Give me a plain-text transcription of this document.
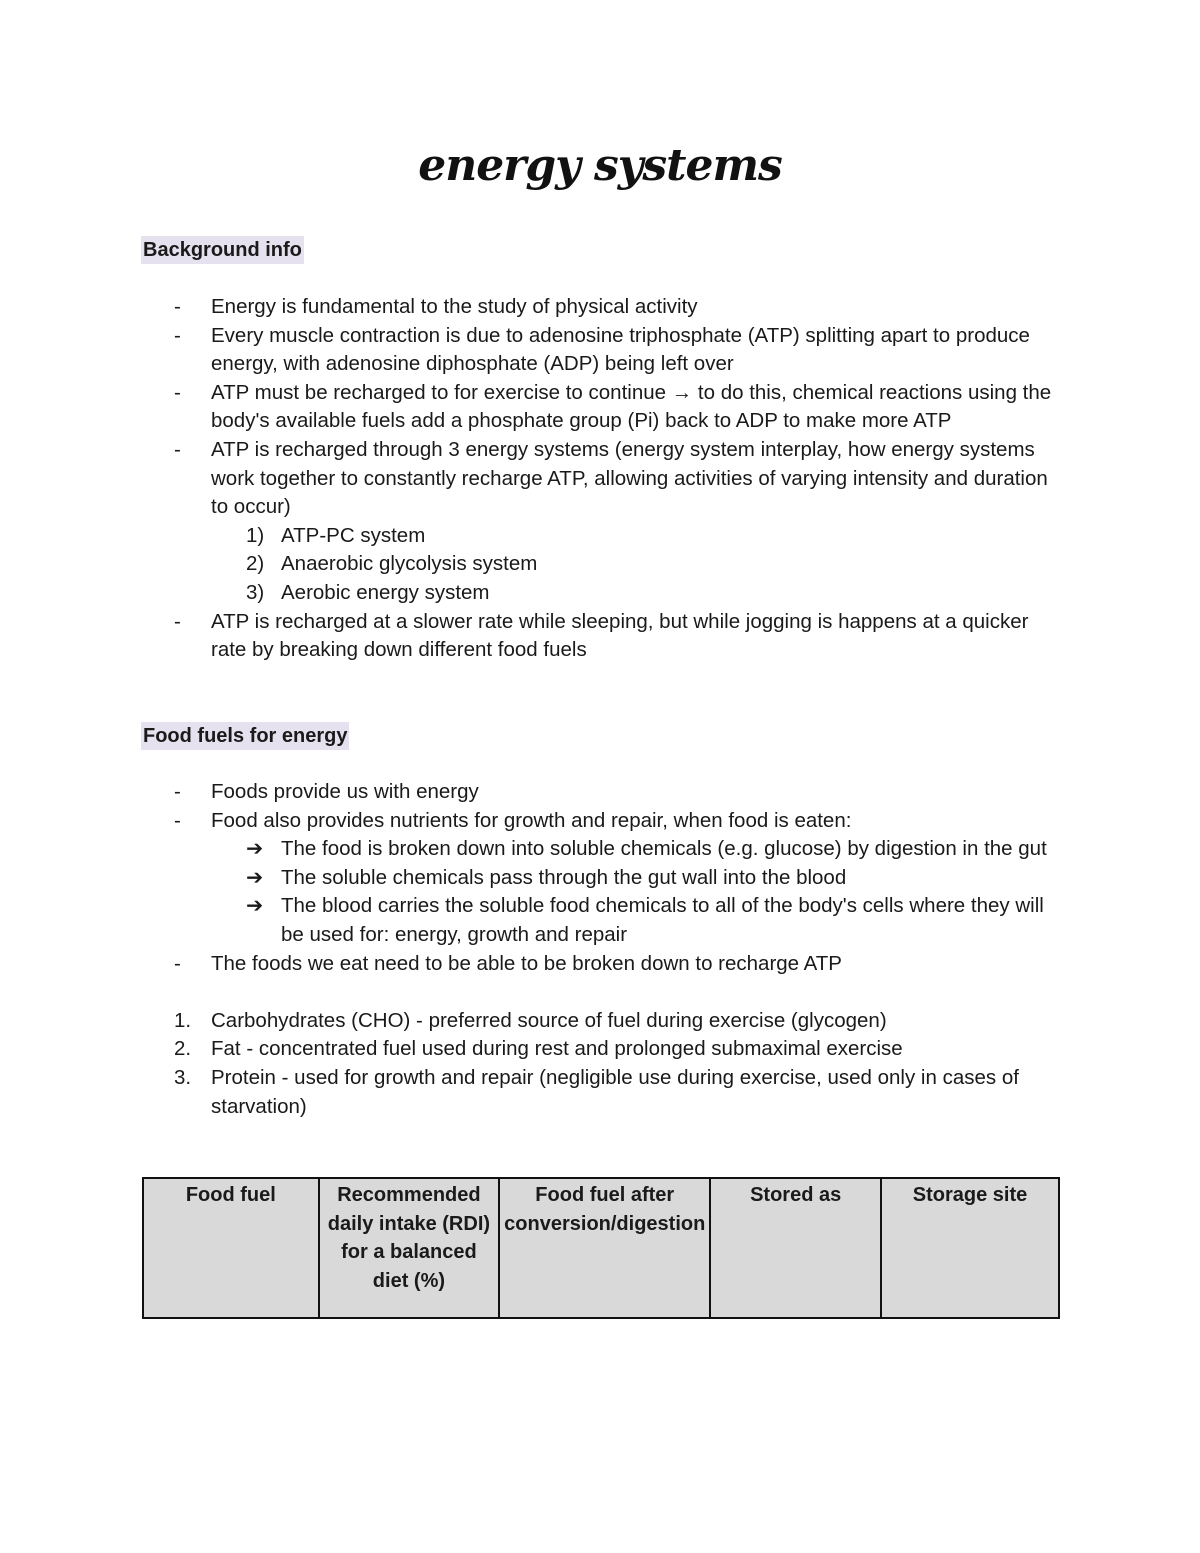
energy systems
Background info
-	Energy is fundamental to the study of physical activity
-	Every muscle contraction is due to adenosine triphosphate (ATP) splitting apart to produce energy, with adenosine diphosphate (ADP) being left over
-	ATP must be recharged to for exercise to continue → to do this, chemical reactions using the body's available fuels add a phosphate group (Pi) back to ADP to make more ATP
-	ATP is recharged through 3 energy systems (energy system interplay, how energy systems work together to constantly recharge ATP, allowing activities of varying intensity and duration to occur)
1) ATP-PC system
2) Anaerobic glycolysis system
3) Aerobic energy system
-	ATP is recharged at a slower rate while sleeping, but while jogging is happens at a quicker rate by breaking down different food fuels
Food fuels for energy
-	Foods provide us with energy
-	Food also provides nutrients for growth and repair, when food is eaten:
➔ The food is broken down into soluble chemicals (e.g. glucose) by digestion in the gut
➔ The soluble chemicals pass through the gut wall into the blood
➔ The blood carries the soluble food chemicals to all of the body's cells where they will be used for: energy, growth and repair
-	The foods we eat need to be able to be broken down to recharge ATP
1. Carbohydrates (CHO) - preferred source of fuel during exercise (glycogen)
2. Fat - concentrated fuel used during rest and prolonged submaximal exercise
3. Protein - used for growth and repair (negligible use during exercise, used only in cases of starvation)
Food fuel	Recommended daily intake (RDI) for a balanced diet (%)	Food fuel after conversion/digestion	Stored as	Storage site
